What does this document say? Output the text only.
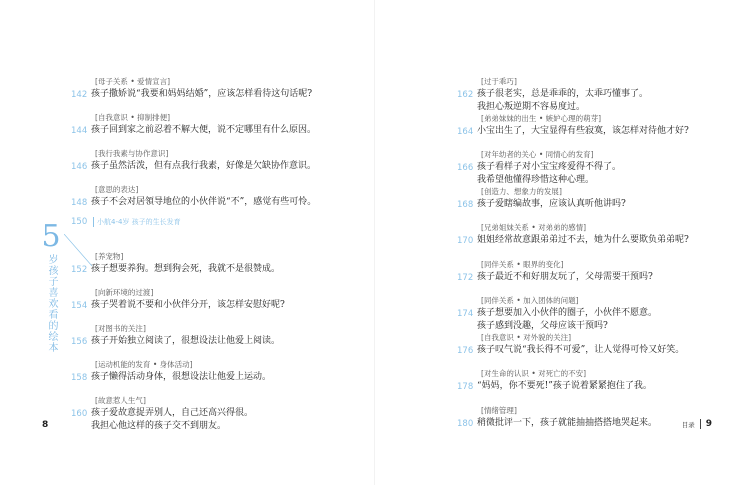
[ 母子关系 • 爱情宣言 ]
142 孩子撒娇说“我要和妈妈结婚”，应该怎样看待这句话呢?
[ 自我意识 • 抑制排便 ]
144 孩子回到家之前忍着不解大便，说不定哪里有什么原因。
[ 我行我素与协作意识 ]
146 孩子虽然活泼，但有点我行我素，好像是欠缺协作意识。
[ 意思的表达 ]
148 孩子不会对居領导地位的小伙伴说“不”，感觉有些可怜。
150	小航4-4岁 孩子的生长发育
5
岁孩子喜欢看的绘本
[	养宠物 ]
152 孩子想要养狗。想到狗会死，我就不是很赞成。
[ 向新环境的过渡 ]
154 孩子哭着说不要和小伙伴分开，该怎样安慰好呢?
[ 对图书的关注 ]
156 孩子开始独立阅读了，很想设法让他爱上阅读。
[ 运动机能的发育 • 身体活动 ]
158 孩子懒得活动身体，很想设法让他爱上运动。
[ 故意惹人生气 ]
160 孩子爱故意捉弄别人，自己还高兴得很。
我担心他这样的孩子交不到朋友。
8
[ 过于乖巧 ]
162 孩子很老实，总是乖乖的，太乖巧懂事了。
我担心叛逆期不容易度过。
[ 弟弟妹妹的出生 • 嫉妒心理的萌芽 ]
164 小宝出生了，大宝显得有些寂寞，该怎样对待他才好?
[ 对年幼者的关心 • 同情心的发育 ]
166 孩子看样子对小宝宝疼爱得不得了。
我希望他懂得珍惜这种心理。
[ 创造力、想象力的发展 ]
168 孩子爱瞎编故事，应该认真听他讲吗?
[ 兄弟姐妹关系 • 对弟弟的感情 ]
170 姐姐经常故意跟弟弟过不去，她为什么要欺负弟弟呢?
[ 同伴关系 • 眼界的变化 ]
172 孩子最近不和好朋友玩了，父母需要干预吗?
[ 同伴关系 • 加入团体的问题 ]
174 孩子想要加入小伙伴的圈子，小伙伴不愿意。
孩子感到没趣，父母应该干预吗?
[ 自我意识 • 对外貌的关注 ]
176 孩子叹气说“我长得不可爱”，让人觉得可怜又好笑。
[ 对生命的认识 • 对死亡的不安 ]
178 “妈妈，你不要死!”孩子说着紧紧抱住了我。
[ 情绪管理 ]
180 稍微批评一下，孩子就能抽抽搭搭地哭起来。	目录 9
